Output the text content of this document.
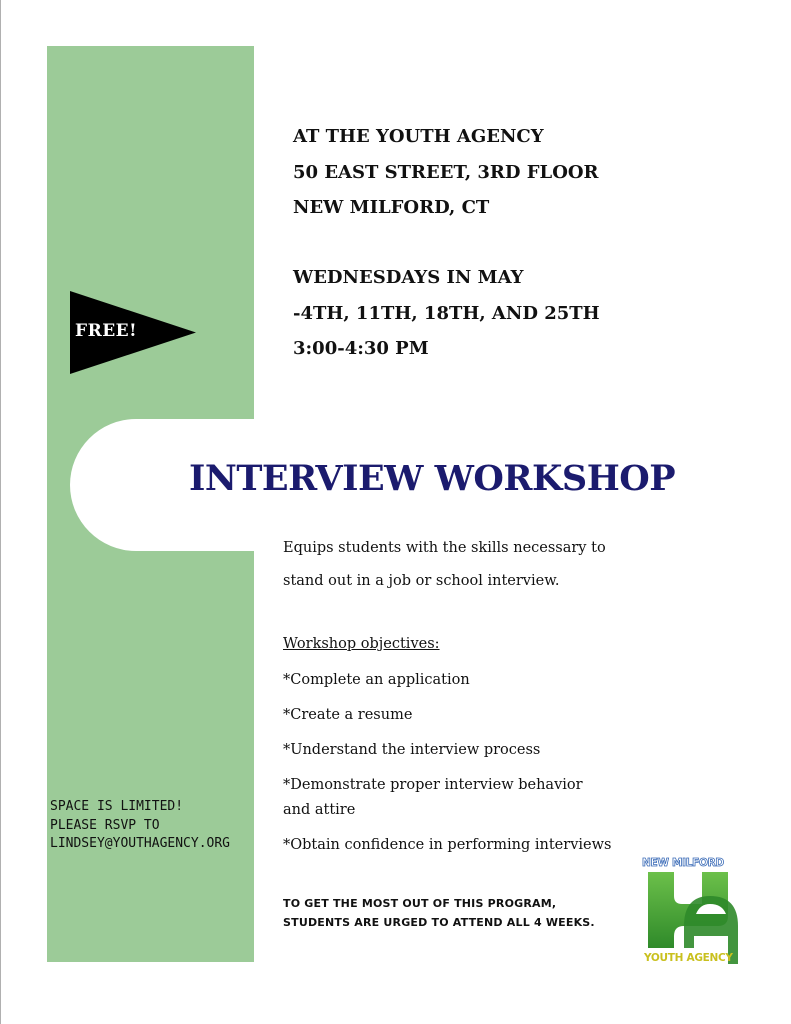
FREE!
AT THE YOUTH AGENCY
50 EAST STREET, 3RD FLOOR
NEW MILFORD, CT
WEDNESDAYS IN MAY
-4TH, 11TH, 18TH, AND 25TH
3:00-4:30 PM
INTERVIEW WORKSHOP
Equips students with the skills necessary to
stand out in a job or school interview.
Workshop objectives:
*Complete an application
*Create a resume
*Understand the interview process
*Demonstrate proper interview behavior
and attire
*Obtain confidence in performing interviews
SPACE IS LIMITED!
PLEASE RSVP TO
LINDSEY@YOUTHAGENCY.ORG
TO GET THE MOST OUT OF THIS PROGRAM,
STUDENTS ARE URGED TO ATTEND ALL 4 WEEKS.
NEW MILFORD
YOUTH AGENCY
